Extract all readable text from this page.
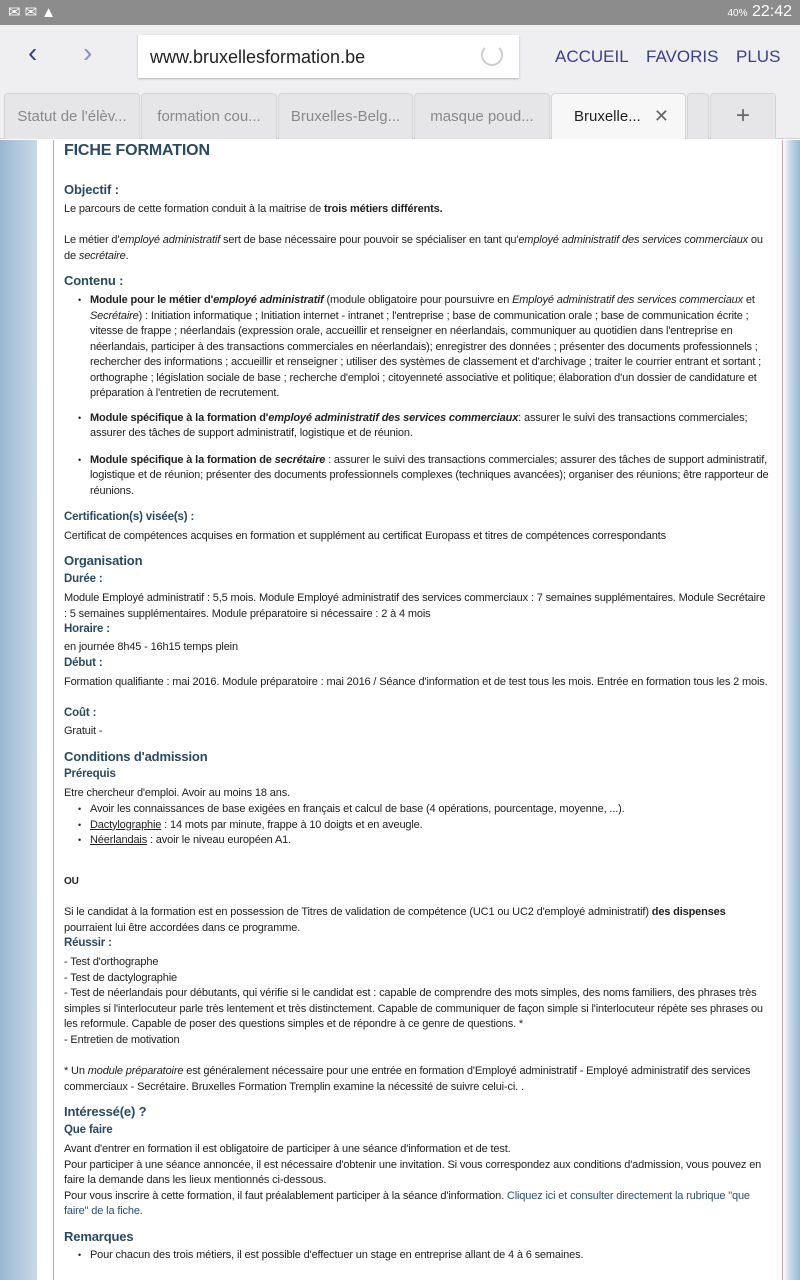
✉✉▲	40% 22:42
‹ ›	www.bruxellesformation.be	ACCUEIL FAVORIS PLUS
Statut de l'élèv...	formation cou...	Bruxelles-Belg...	masque poud...	Bruxelle... ✕	+
FICHE FORMATION
Objectif :
Le parcours de cette formation conduit à la maitrise de trois métiers différents.
Le métier d'employé administratif sert de base nécessaire pour pouvoir se spécialiser en tant qu'employé administratif des services commerciaux ou de secrétaire.
Contenu :
• Module pour le métier d'employé administratif (module obligatoire pour poursuivre en Employé administratif des services commerciaux et Secrétaire) : Initiation informatique ; Initiation internet - intranet ; l'entreprise ; base de communication orale ; base de communication écrite ; vitesse de frappe ; néerlandais (expression orale, accueillir et renseigner en néerlandais, communiquer au quotidien dans l'entreprise en néerlandais, participer à des transactions commerciales en néerlandais); enregistrer des données ; présenter des documents professionnels ; rechercher des informations ; accueillir et renseigner ; utiliser des systèmes de classement et d'archivage ; traiter le courrier entrant et sortant ; orthographe ; législation sociale de base ; recherche d'emploi ; citoyenneté associative et politique; élaboration d'un dossier de candidature et préparation à l'entretien de recrutement.
• Module spécifique à la formation d'employé administratif des services commerciaux: assurer le suivi des transactions commerciales; assurer des tâches de support administratif, logistique et de réunion.
• Module spécifique à la formation de secrétaire : assurer le suivi des transactions commerciales; assurer des tâches de support administratif, logistique et de réunion; présenter des documents professionnels complexes (techniques avancées); organiser des réunions; être rapporteur de réunions.
Certification(s) visée(s) :
Certificat de compétences acquises en formation et supplément au certificat Europass et titres de compétences correspondants
Organisation
Durée :
Module Employé administratif : 5,5 mois. Module Employé administratif des services commerciaux : 7 semaines supplémentaires. Module Secrétaire : 5 semaines supplémentaires. Module préparatoire si nécessaire : 2 à 4 mois
Horaire :
en journée 8h45 - 16h15 temps plein
Début :
Formation qualifiante : mai 2016. Module préparatoire : mai 2016 / Séance d'information et de test tous les mois. Entrée en formation tous les 2 mois.
Coût :
Gratuit -
Conditions d'admission
Prérequis
Etre chercheur d'emploi. Avoir au moins 18 ans.
• Avoir les connaissances de base exigées en français et calcul de base (4 opérations, pourcentage, moyenne, ...).
• Dactylographie : 14 mots par minute, frappe à 10 doigts et en aveugle.
• Néerlandais : avoir le niveau européen A1.
OU
Si le candidat à la formation est en possession de Titres de validation de compétence (UC1 ou UC2 d'employé administratif) des dispenses pourraient lui être accordées dans ce programme.
Réussir :
- Test d'orthographe
- Test de dactylographie
- Test de néerlandais pour débutants, qui vérifie si le candidat est : capable de comprendre des mots simples, des noms familiers, des phrases très simples si l'interlocuteur parle très lentement et très distinctement. Capable de communiquer de façon simple si l'interlocuteur répète ses phrases ou les reformule. Capable de poser des questions simples et de répondre à ce genre de questions. *
- Entretien de motivation
* Un module préparatoire est généralement nécessaire pour une entrée en formation d'Employé administratif - Employé administratif des services commerciaux - Secrétaire. Bruxelles Formation Tremplin examine la nécessité de suivre celui-ci. .
Intéressé(e) ?
Que faire
Avant d'entrer en formation il est obligatoire de participer à une séance d'information et de test.
Pour participer à une séance annoncée, il est nécessaire d'obtenir une invitation. Si vous correspondez aux conditions d'admission, vous pouvez en faire la demande dans les lieux mentionnés ci-dessous.
Pour vous inscrire à cette formation, il faut préalablement participer à la séance d'information. Cliquez ici et consulter directement la rubrique "que faire" de la fiche.
Remarques
• Pour chacun des trois métiers, il est possible d'effectuer un stage en entreprise allant de 4 à 6 semaines.
